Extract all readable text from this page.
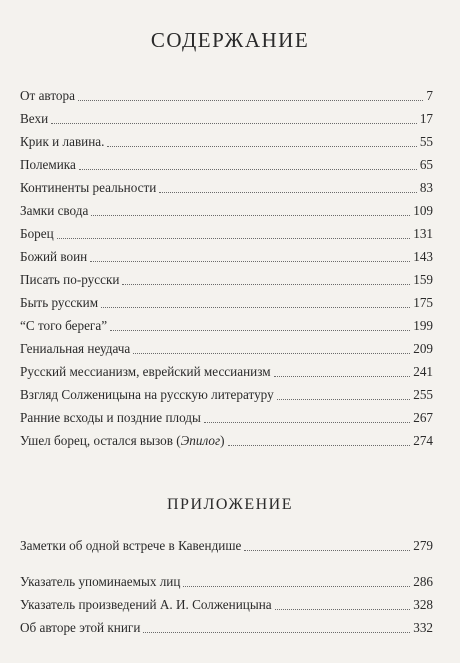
СОДЕРЖАНИЕ
От автора	7
Вехи	17
Крик и лавина.	55
Полемика	65
Континенты реальности	83
Замки свода	109
Борец	131
Божий воин	143
Писать по-русски	159
Быть русским	175
“С того берега”	199
Гениальная неудача	209
Русский мессианизм, еврейский мессианизм	241
Взгляд Солженицына на русскую литературу	255
Ранние всходы и поздние плоды	267
Ушел борец, остался вызов (Эпилог)	274
ПРИЛОЖЕНИЕ
Заметки об одной встрече в Кавендише	279
Указатель упоминаемых лиц	286
Указатель произведений А. И. Солженицына	328
Об авторе этой книги	332
